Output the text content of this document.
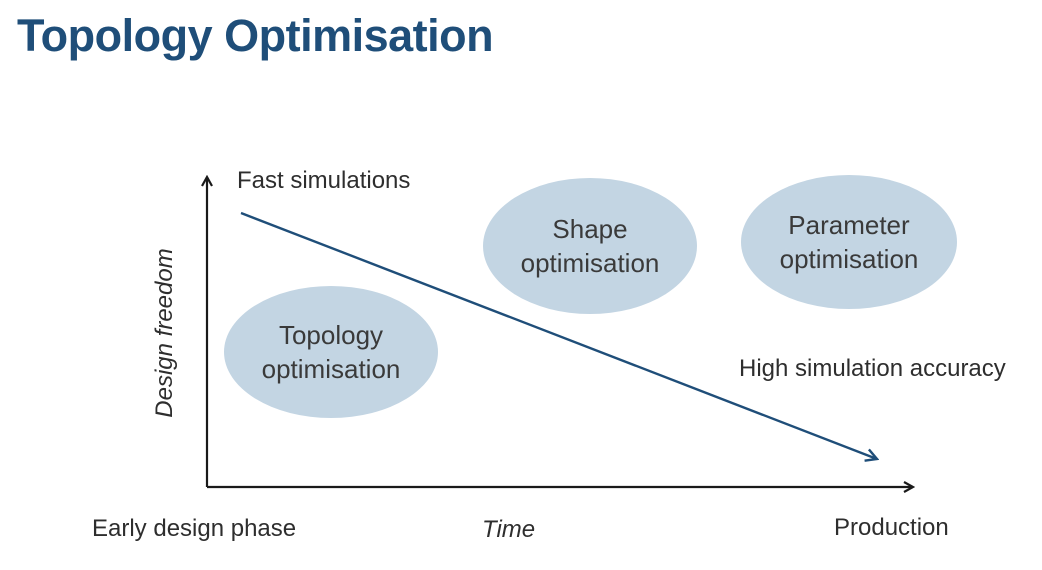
Topology Optimisation
Topology
optimisation
Shape
optimisation
Parameter
optimisation
Fast simulations
High simulation accuracy
Design freedom
Early design phase	Time	Production
